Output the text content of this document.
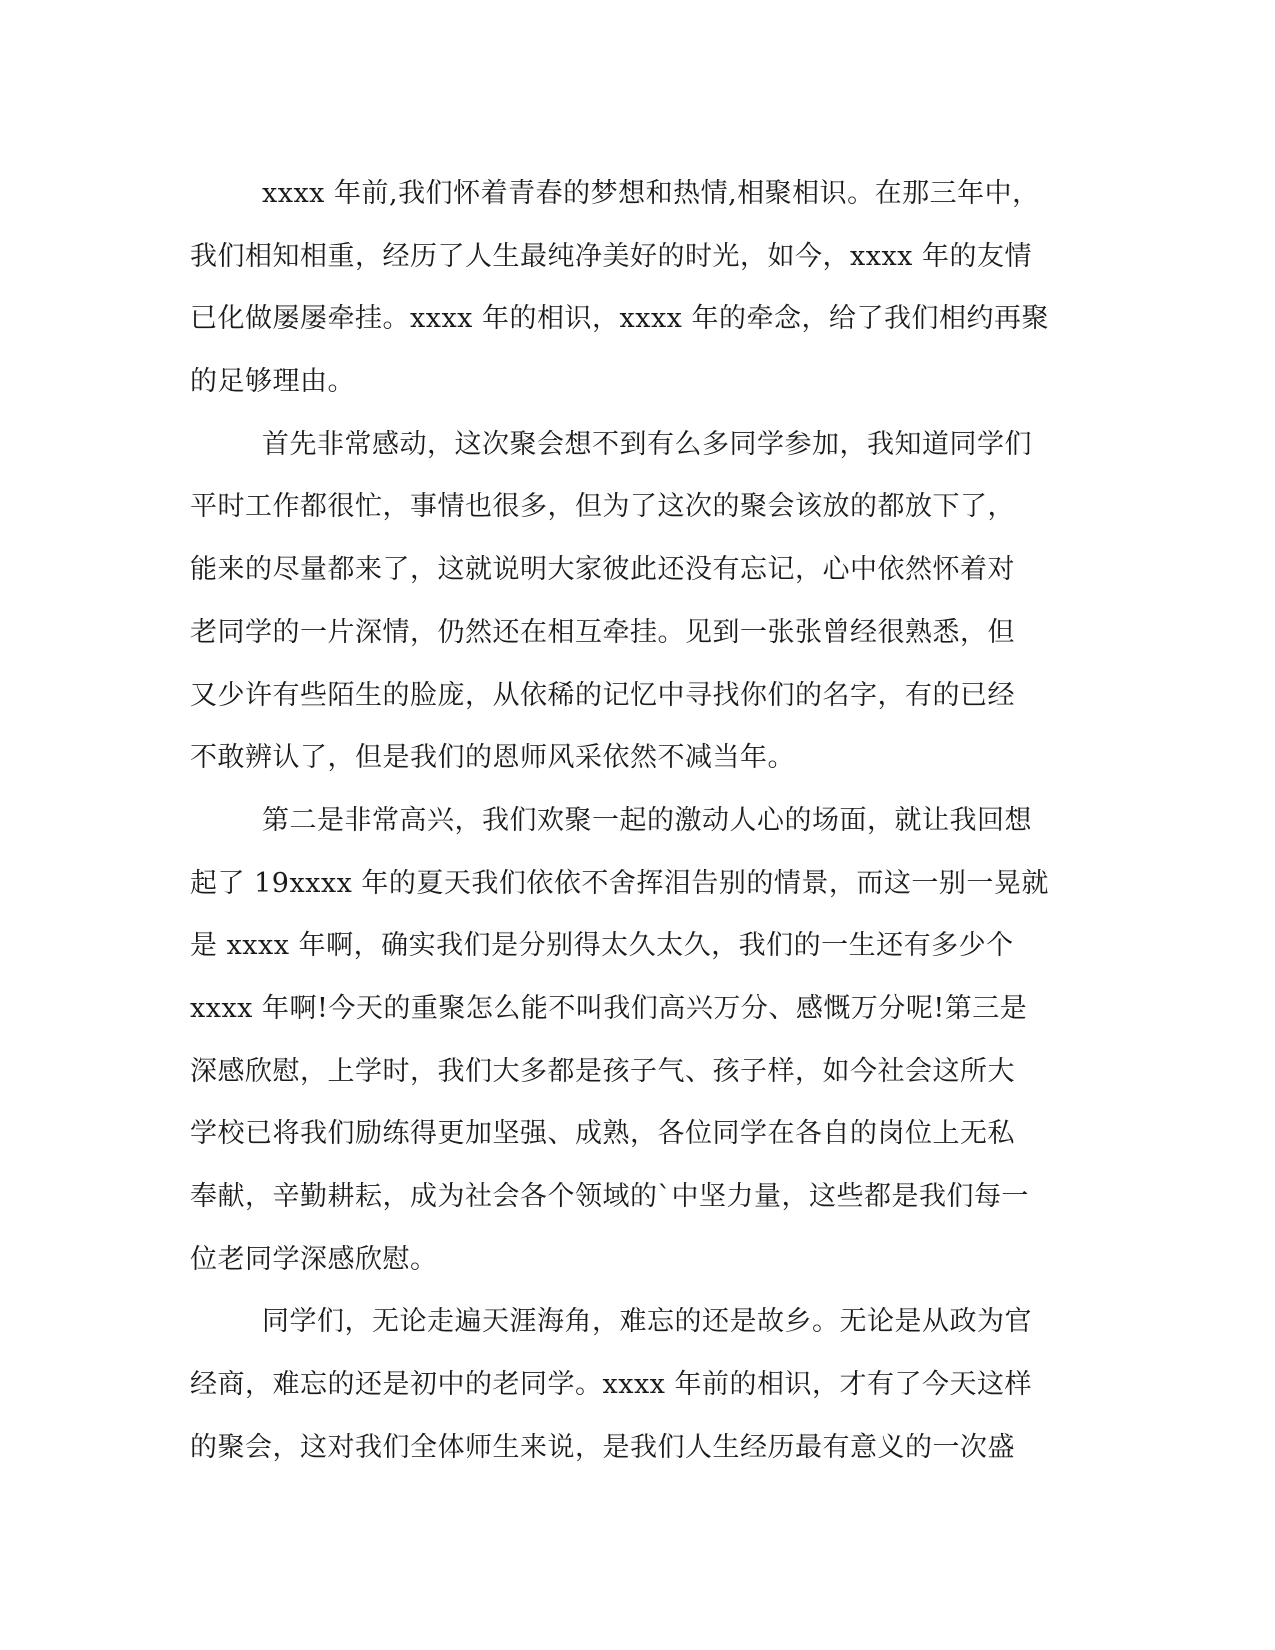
xxxx 年前,我们怀着青春的梦想和热情,相聚相识。在那三年中，
我们相知相重，经历了人生最纯净美好的时光，如今，xxxx 年的友情
已化做屡屡牵挂。xxxx 年的相识，xxxx 年的牵念，给了我们相约再聚
的足够理由。
首先非常感动，这次聚会想不到有么多同学参加，我知道同学们
平时工作都很忙，事情也很多，但为了这次的聚会该放的都放下了，
能来的尽量都来了，这就说明大家彼此还没有忘记，心中依然怀着对
老同学的一片深情，仍然还在相互牵挂。见到一张张曾经很熟悉，但
又少许有些陌生的脸庞，从依稀的记忆中寻找你们的名字，有的已经
不敢辨认了，但是我们的恩师风采依然不减当年。
第二是非常高兴，我们欢聚一起的激动人心的场面，就让我回想
起了 19xxxx 年的夏天我们依依不舍挥泪告别的情景，而这一别一晃就
是 xxxx 年啊，确实我们是分别得太久太久，我们的一生还有多少个
xxxx 年啊!今天的重聚怎么能不叫我们高兴万分、感慨万分呢!第三是
深感欣慰，上学时，我们大多都是孩子气、孩子样，如今社会这所大
学校已将我们励练得更加坚强、成熟，各位同学在各自的岗位上无私
奉献，辛勤耕耘，成为社会各个领域的`中坚力量，这些都是我们每一
位老同学深感欣慰。
同学们，无论走遍天涯海角，难忘的还是故乡。无论是从政为官
经商，难忘的还是初中的老同学。xxxx 年前的相识，才有了今天这样
的聚会，这对我们全体师生来说，是我们人生经历最有意义的一次盛
